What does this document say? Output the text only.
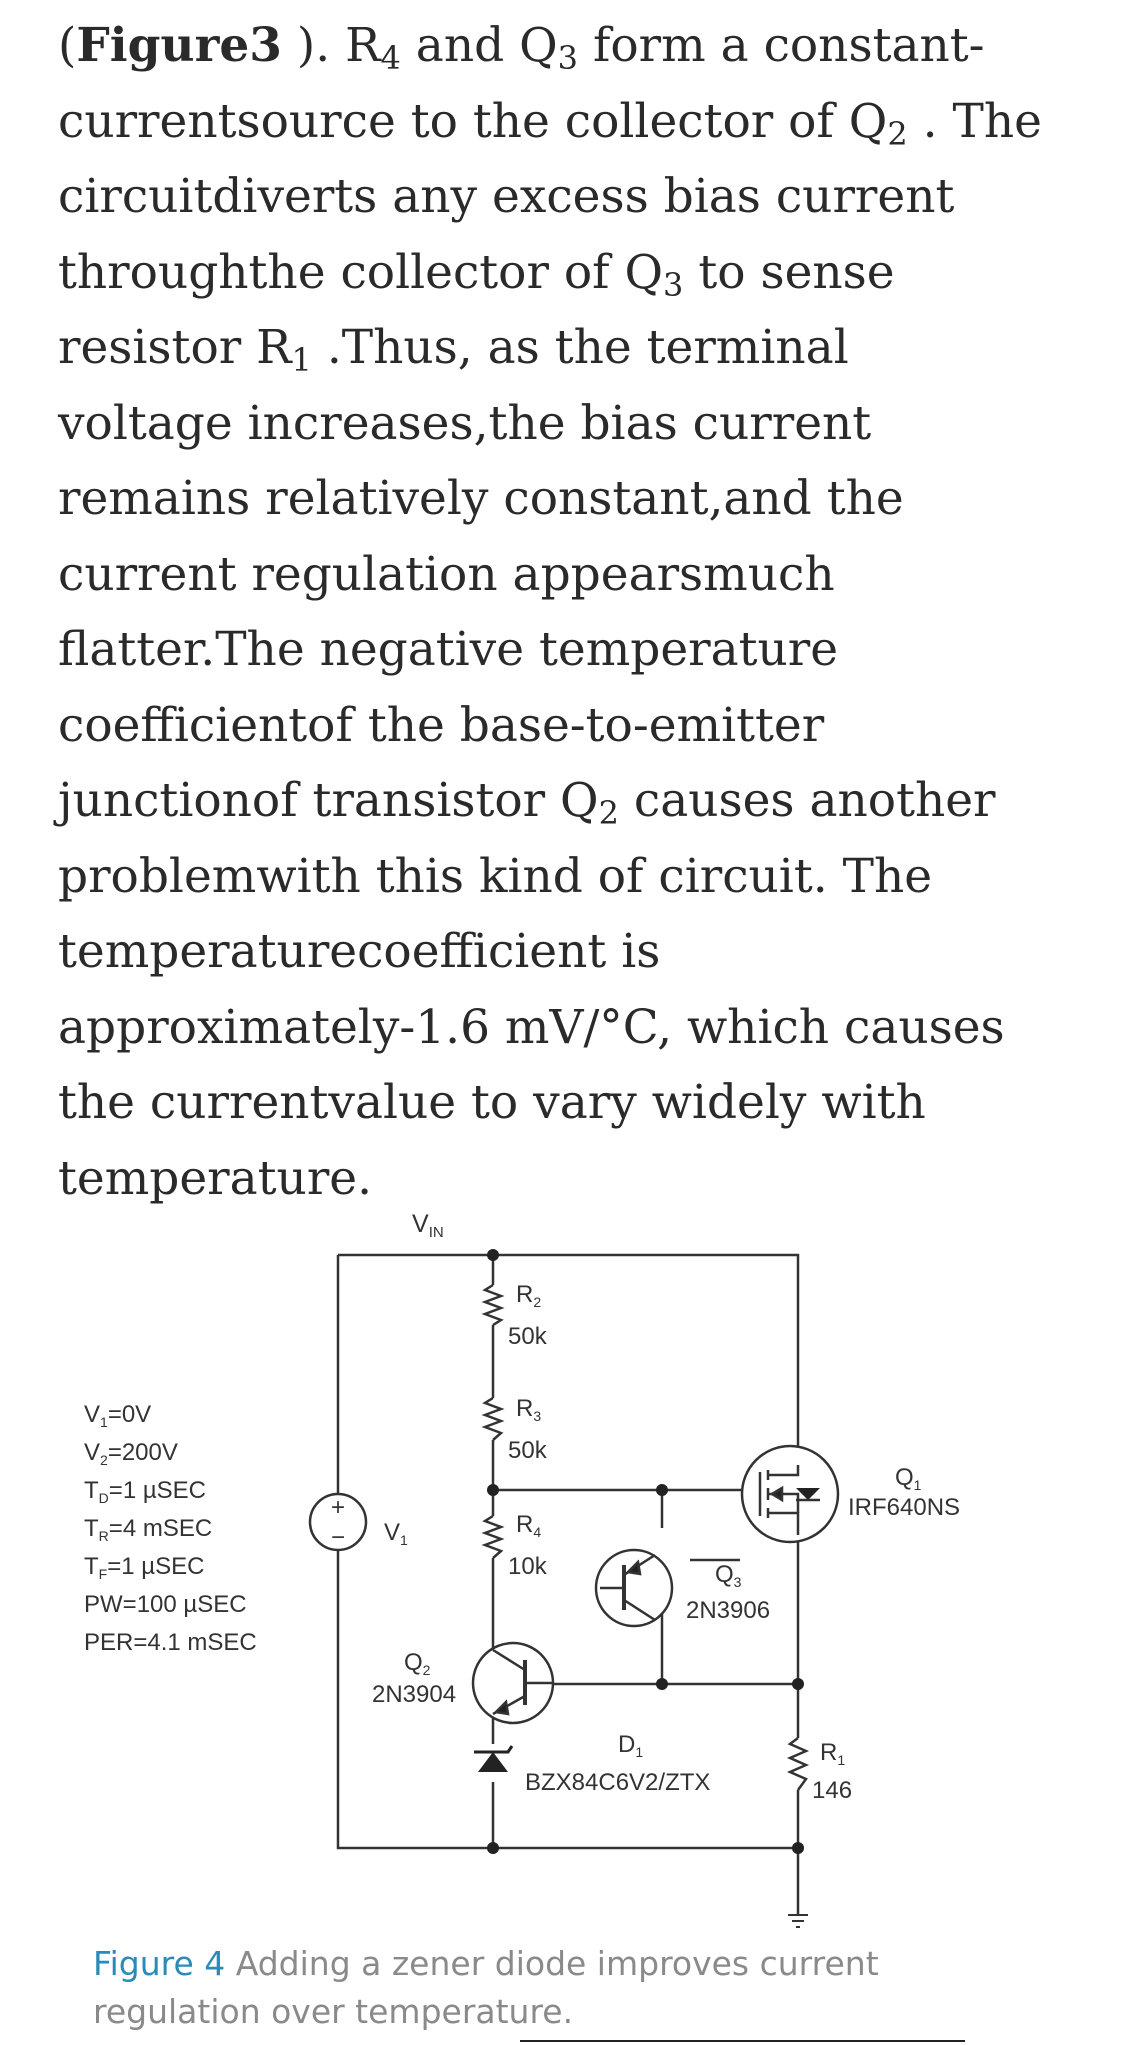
(Figure3 ). $R_4$ and $Q_3$ form a constant-
currentsource to the collector of $Q_2$ . The
circuitdiverts any excess bias current
throughthe collector of $Q_3$ to sense
resistor $R_1$ .Thus, as the terminal
voltage increases,the bias current
remains relatively constant,and the
current regulation appearsmuch
flatter.The negative temperature
coefficientof the base-to-emitter
junctionof transistor $Q_2$ causes another
problemwith this kind of circuit. The
temperaturecoefficient is
approximately-1.6 mV/°C, which causes
the currentvalue to vary widely with
temperature.
+
−
$V_{IN}$
$V_1=0V$
$V_2=200V$
$T_D=1$ µSEC
$T_R=4$ mSEC
$T_F=1$ µSEC
PW=100 µSEC
PER=4.1 mSEC
$V_1$
$R_2$
50k
$R_3$
50k
$R_4$
10k
$R_1$
146
$Q_1$
IRF640NS
$Q_3$
2N3906
$Q_2$
2N3904
$D_1$
BZX84C6V2/ZTX
Figure 4 Adding a zener diode improves current
regulation over temperature.
